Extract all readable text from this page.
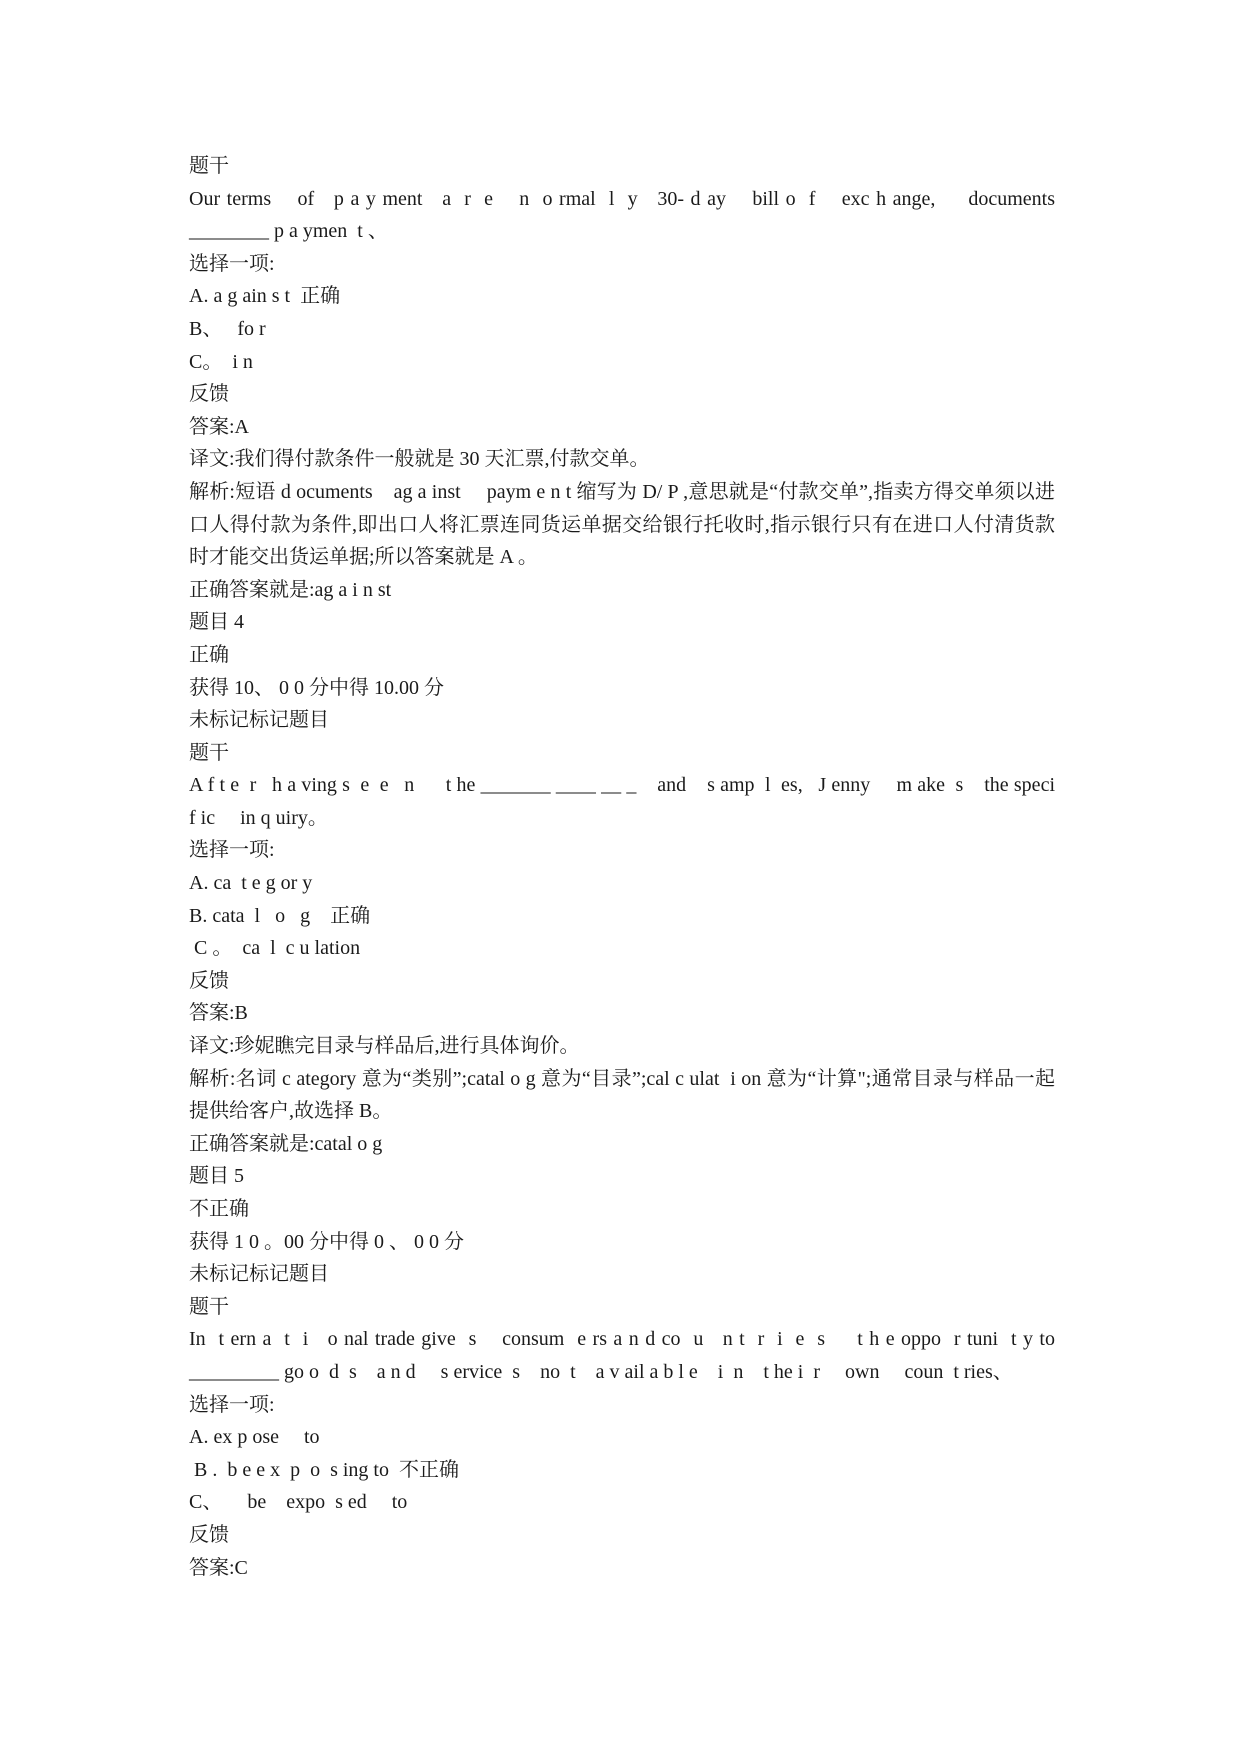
题干
Our terms    of   p a y ment   a  r  e    n  o rmal  l  y   30- d ay    bill o  f    exc h ange,     documents  ________ p a ymen  t 、
选择一项:
A. a g ain s t  正确
B、   fo r
C。  i n
反馈
答案:A
译文:我们得付款条件一般就是 30 天汇票,付款交单。
解析:短语 d ocuments    ag a inst     paym e n t 缩写为 D/ P ,意思就是“付款交单”,指卖方得交单须以进口人得付款为条件,即出口人将汇票连同货运单据交给银行托收时,指示银行只有在进口人付清货款时才能交出货运单据;所以答案就是 A 。
正确答案就是:ag a i n st
题目 4
正确
获得 10、 0 0 分中得 10.00 分
未标记标记题目
题干
A f t e  r   h a ving s  e  e   n      t he _______ ____ __ _    and    s amp  l  es,   J enny     m ake  s    the speci  f ic     in q uiry。
选择一项:
A. ca  t e g or y
B. cata  l   o   g    正确
C 。  ca  l  c u lation
反馈
答案:B
译文:珍妮瞧完目录与样品后,进行具体询价。
解析:名词 c ategory 意为“类别”;catal o g 意为“目录”;cal c ulat  i on 意为“计算";通常目录与样品一起提供给客户,故选择 B。
正确答案就是:catal o g
题目 5
不正确
获得 1 0 。00 分中得 0 、 0 0 分
未标记标记题目
题干
In  t ern a  t  i   o nal trade give  s    consum  e rs a n d co  u   n t  r  i  e  s     t h e oppo  r tuni  t y to _________ go o  d  s    a n d     s ervice  s    no  t    a v ail a b l e    i  n    t he i  r     own     coun  t ries、
选择一项:
A. ex p ose     to
B .  b e e x  p  o  s ing to  不正确
C、     be    expo  s ed     to
反馈
答案:C
